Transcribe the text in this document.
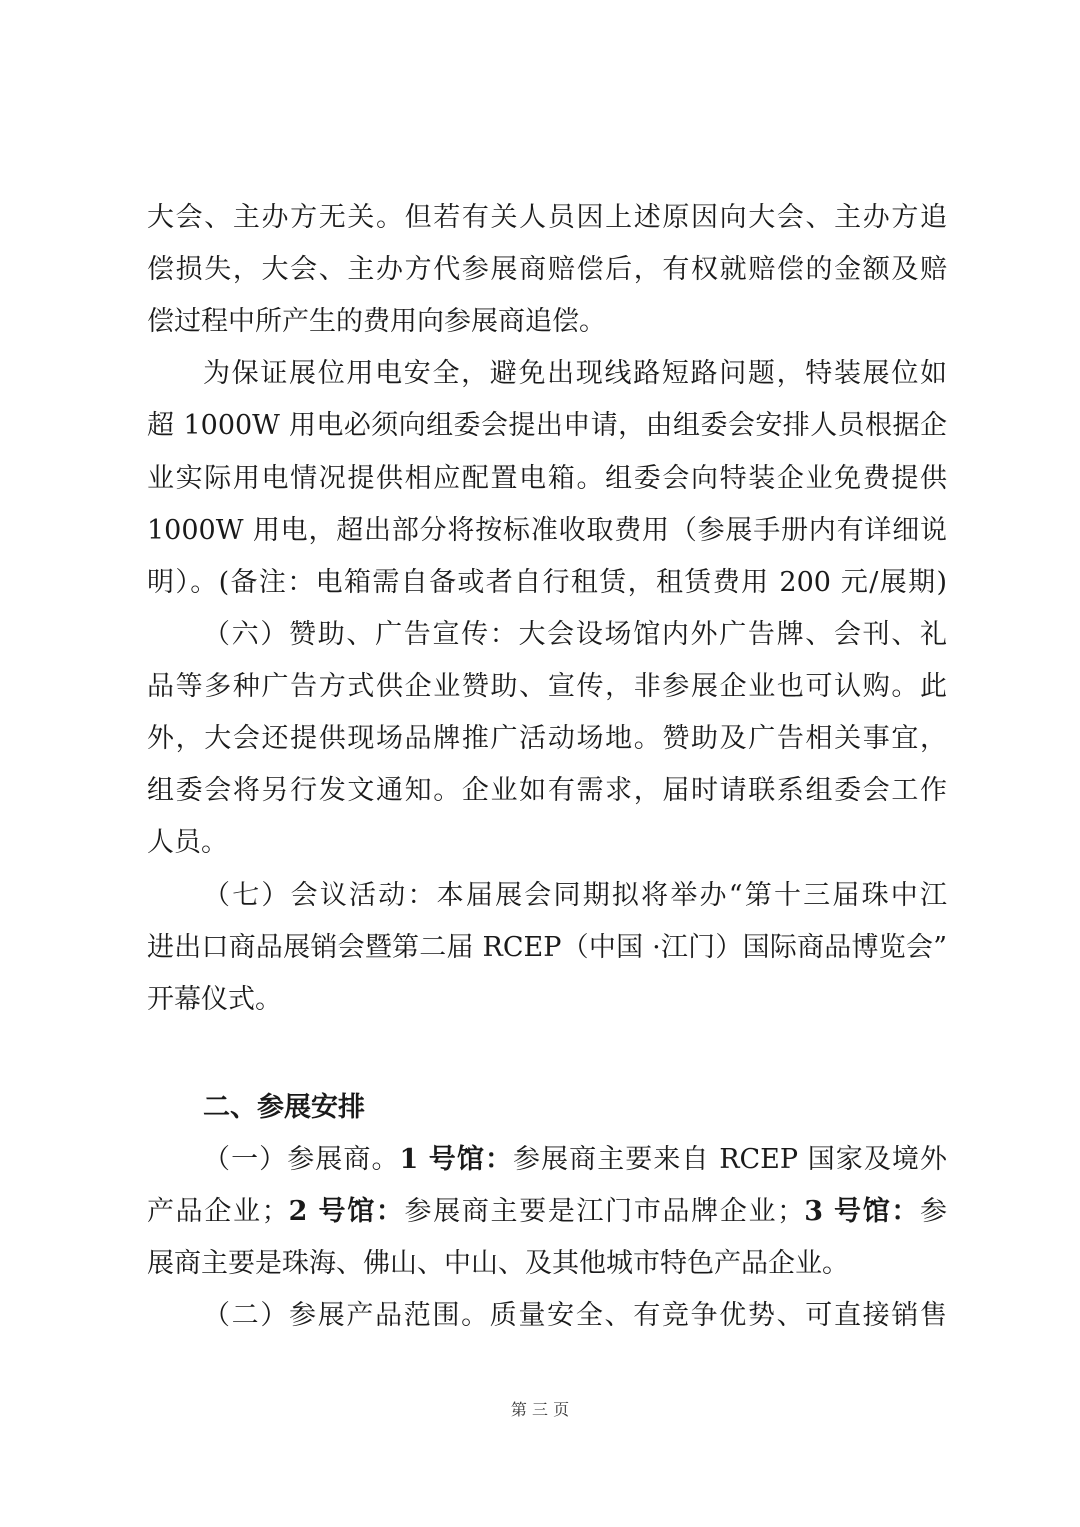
大会、主办方无关。但若有关人员因上述原因向大会、主办方追
偿损失，大会、主办方代参展商赔偿后，有权就赔偿的金额及赔
偿过程中所产生的费用向参展商追偿。
为保证展位用电安全，避免出现线路短路问题，特装展位如
超 1000W 用电必须向组委会提出申请，由组委会安排人员根据企
业实际用电情况提供相应配置电箱。组委会向特装企业免费提供
1000W 用电，超出部分将按标准收取费用（参展手册内有详细说
明）。(备注：电箱需自备或者自行租赁，租赁费用 200 元/展期)
（六）赞助、广告宣传：大会设场馆内外广告牌、会刊、礼
品等多种广告方式供企业赞助、宣传，非参展企业也可认购。此
外，大会还提供现场品牌推广活动场地。赞助及广告相关事宜，
组委会将另行发文通知。企业如有需求，届时请联系组委会工作
人员。
（七）会议活动：本届展会同期拟将举办“第十三届珠中江
进出口商品展销会暨第二届 RCEP（中国 ·江门）国际商品博览会”
开幕仪式。
二、参展安排
（一）参展商。1 号馆：参展商主要来自 RCEP 国家及境外
产品企业；2 号馆：参展商主要是江门市品牌企业；3 号馆：参
展商主要是珠海、佛山、中山、及其他城市特色产品企业。
（二）参展产品范围。质量安全、有竞争优势、可直接销售
第 三 页
